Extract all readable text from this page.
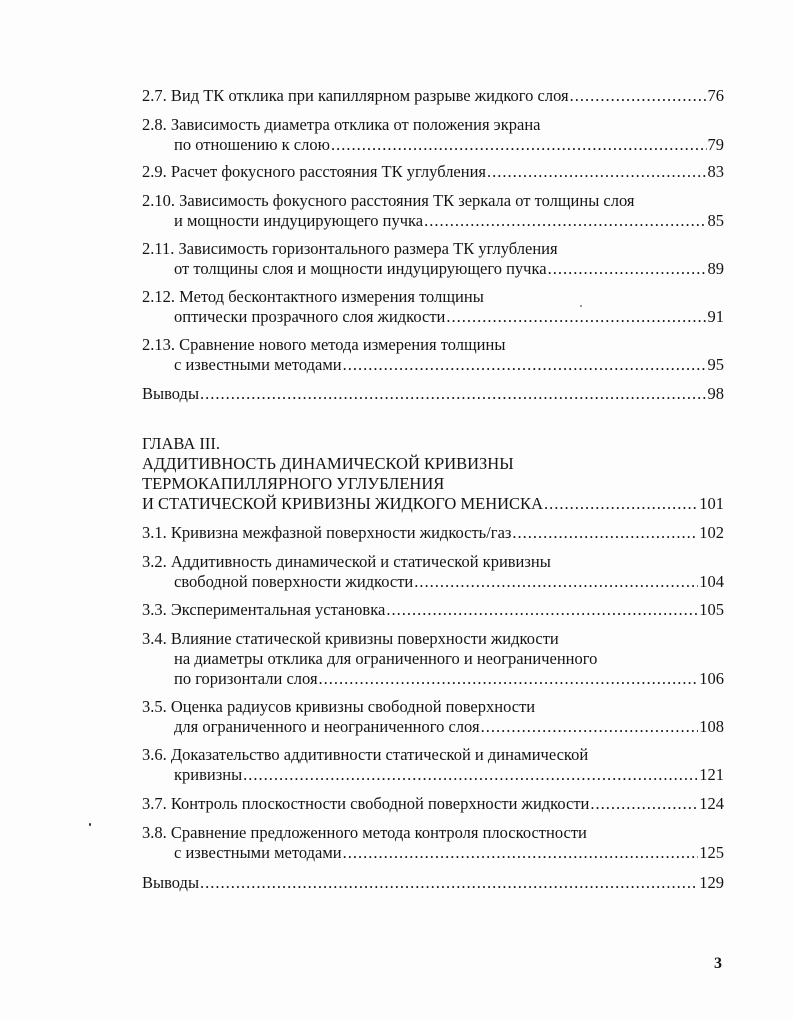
2.7. Вид ТК отклика при капиллярном разрыве жидкого слоя .....	76
2.8. Зависимость диаметра отклика от положения экрана
по отношению к слою .....	79
2.9. Расчет фокусного расстояния ТК углубления .....	83
2.10. Зависимость фокусного расстояния ТК зеркала от толщины слоя
и мощности индуцирующего пучка .....	85
2.11. Зависимость горизонтального размера ТК углубления
от толщины слоя и мощности индуцирующего пучка .....	89
2.12. Метод бесконтактного измерения толщины
оптически прозрачного слоя жидкости .....	91
2.13. Сравнение нового метода измерения толщины
с известными методами .....	95
Выводы .....	98
ГЛАВА III.
АДДИТИВНОСТЬ ДИНАМИЧЕСКОЙ КРИВИЗНЫ
ТЕРМОКАПИЛЛЯРНОГО УГЛУБЛЕНИЯ
И СТАТИЧЕСКОЙ КРИВИЗНЫ ЖИДКОГО МЕНИСКА .....	101
3.1. Кривизна межфазной поверхности жидкость/газ .....	102
3.2. Аддитивность динамической и статической кривизны
свободной поверхности жидкости .....	104
3.3. Экспериментальная установка .....	105
3.4. Влияние статической кривизны поверхности жидкости
на диаметры отклика для ограниченного и неограниченного
по горизонтали слоя .....	106
3.5. Оценка радиусов кривизны свободной поверхности
для ограниченного и неограниченного слоя .....	108
3.6. Доказательство аддитивности статической и динамической
кривизны .....	121
3.7. Контроль плоскостности свободной поверхности жидкости .....	124
3.8. Сравнение предложенного метода контроля плоскостности
с известными методами .....	125
Выводы .....	129
3
